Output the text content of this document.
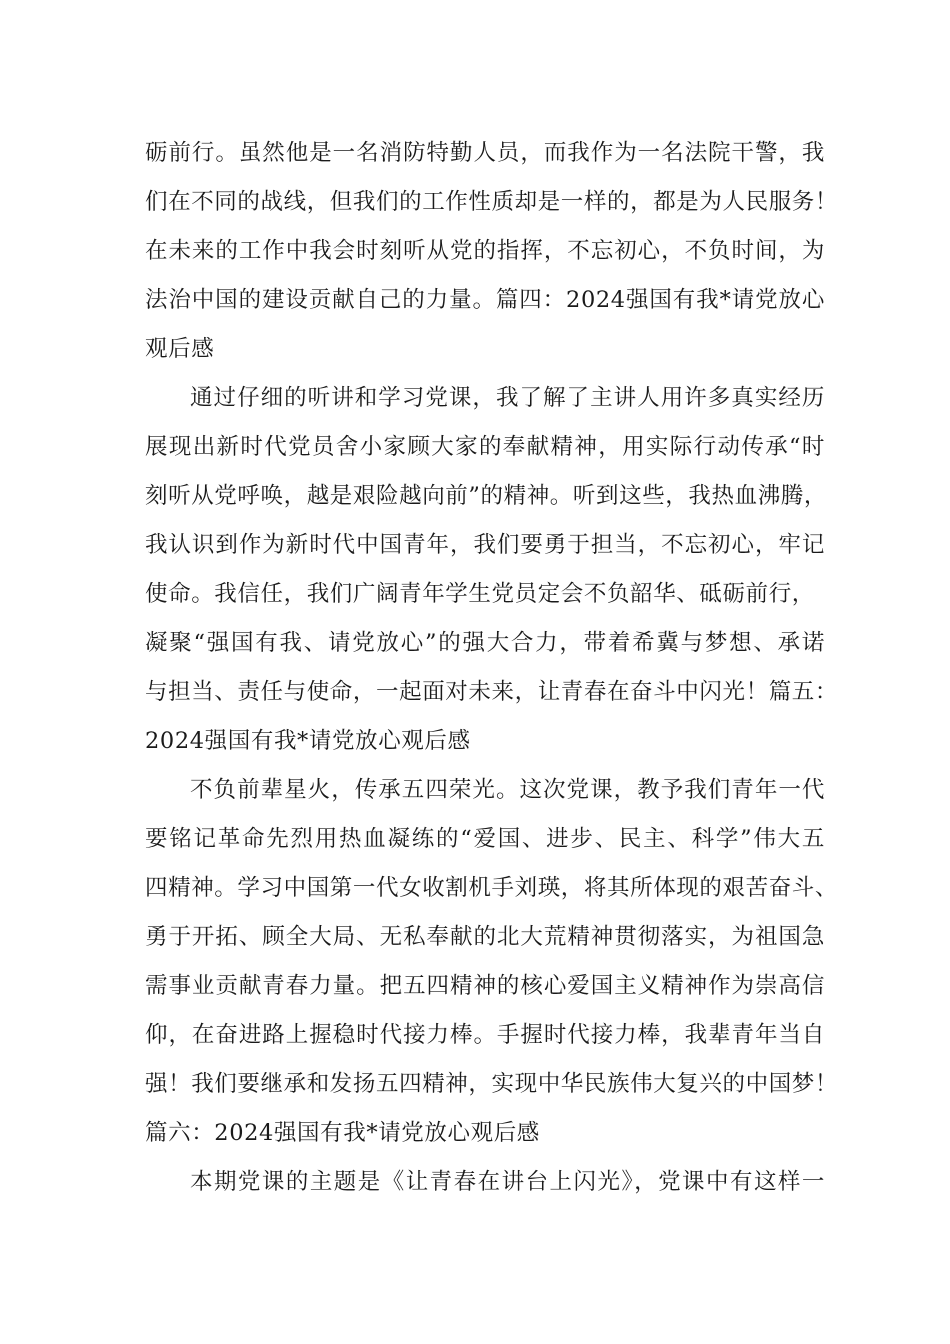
砺前行。虽然他是一名消防特勤人员，而我作为一名法院干警，我
们在不同的战线，但我们的工作性质却是一样的，都是为人民服务！
在未来的工作中我会时刻听从党的指挥，不忘初心，不负时间，为
法治中国的建设贡献自己的力量。篇四：2024强国有我*请党放心
观后感
通过仔细的听讲和学习党课，我了解了主讲人用许多真实经历
展现出新时代党员舍小家顾大家的奉献精神，用实际行动传承“时
刻听从党呼唤，越是艰险越向前”的精神。听到这些，我热血沸腾，
我认识到作为新时代中国青年，我们要勇于担当，不忘初心，牢记
使命。我信任，我们广阔青年学生党员定会不负韶华、砥砺前行，
凝聚“强国有我、请党放心”的强大合力，带着希冀与梦想、承诺
与担当、责任与使命，一起面对未来，让青春在奋斗中闪光！篇五：
2024强国有我*请党放心观后感
不负前辈星火，传承五四荣光。这次党课，教予我们青年一代
要铭记革命先烈用热血凝练的“爱国、进步、民主、科学”伟大五
四精神。学习中国第一代女收割机手刘瑛，将其所体现的艰苦奋斗、
勇于开拓、顾全大局、无私奉献的北大荒精神贯彻落实，为祖国急
需事业贡献青春力量。把五四精神的核心爱国主义精神作为崇高信
仰，在奋进路上握稳时代接力棒。手握时代接力棒，我辈青年当自
强！我们要继承和发扬五四精神，实现中华民族伟大复兴的中国梦！
篇六：2024强国有我*请党放心观后感
本期党课的主题是《让青春在讲台上闪光》，党课中有这样一
